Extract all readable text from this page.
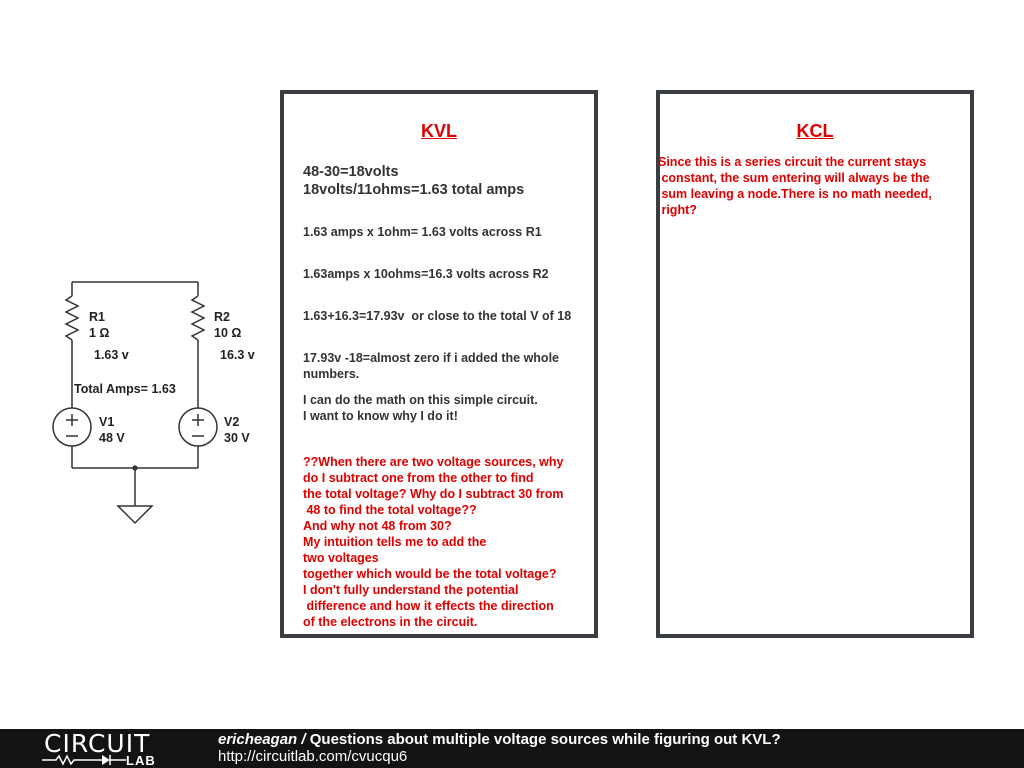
R1
1 Ω
1.63 v
R2
10 Ω
16.3 v
Total Amps= 1.63
V1
48 V
V2
30 V
KVL
48-30=18volts
18volts/11ohms=1.63 total amps
1.63 amps x 1ohm= 1.63 volts across R1
1.63amps x 10ohms=16.3 volts across R2
1.63+16.3=17.93v  or close to the total V of 18
17.93v -18=almost zero if i added the whole
numbers.
I can do the math on this simple circuit.
I want to know why I do it!
??When there are two voltage sources, why
do I subtract one from the other to find
the total voltage? Why do I subtract 30 from
48 to find the total voltage??
And why not 48 from 30?
My intuition tells me to add the
two voltages
together which would be the total voltage?
I don't fully understand the potential
difference and how it effects the direction
of the electrons in the circuit.
KCL
Since this is a series circuit the current stays
constant, the sum entering will always be the
sum leaving a node.There is no math needed,
right?
CIRCUIT
LAB
ericheagan / Questions about multiple voltage sources while figuring out KVL?
http://circuitlab.com/cvucqu6
